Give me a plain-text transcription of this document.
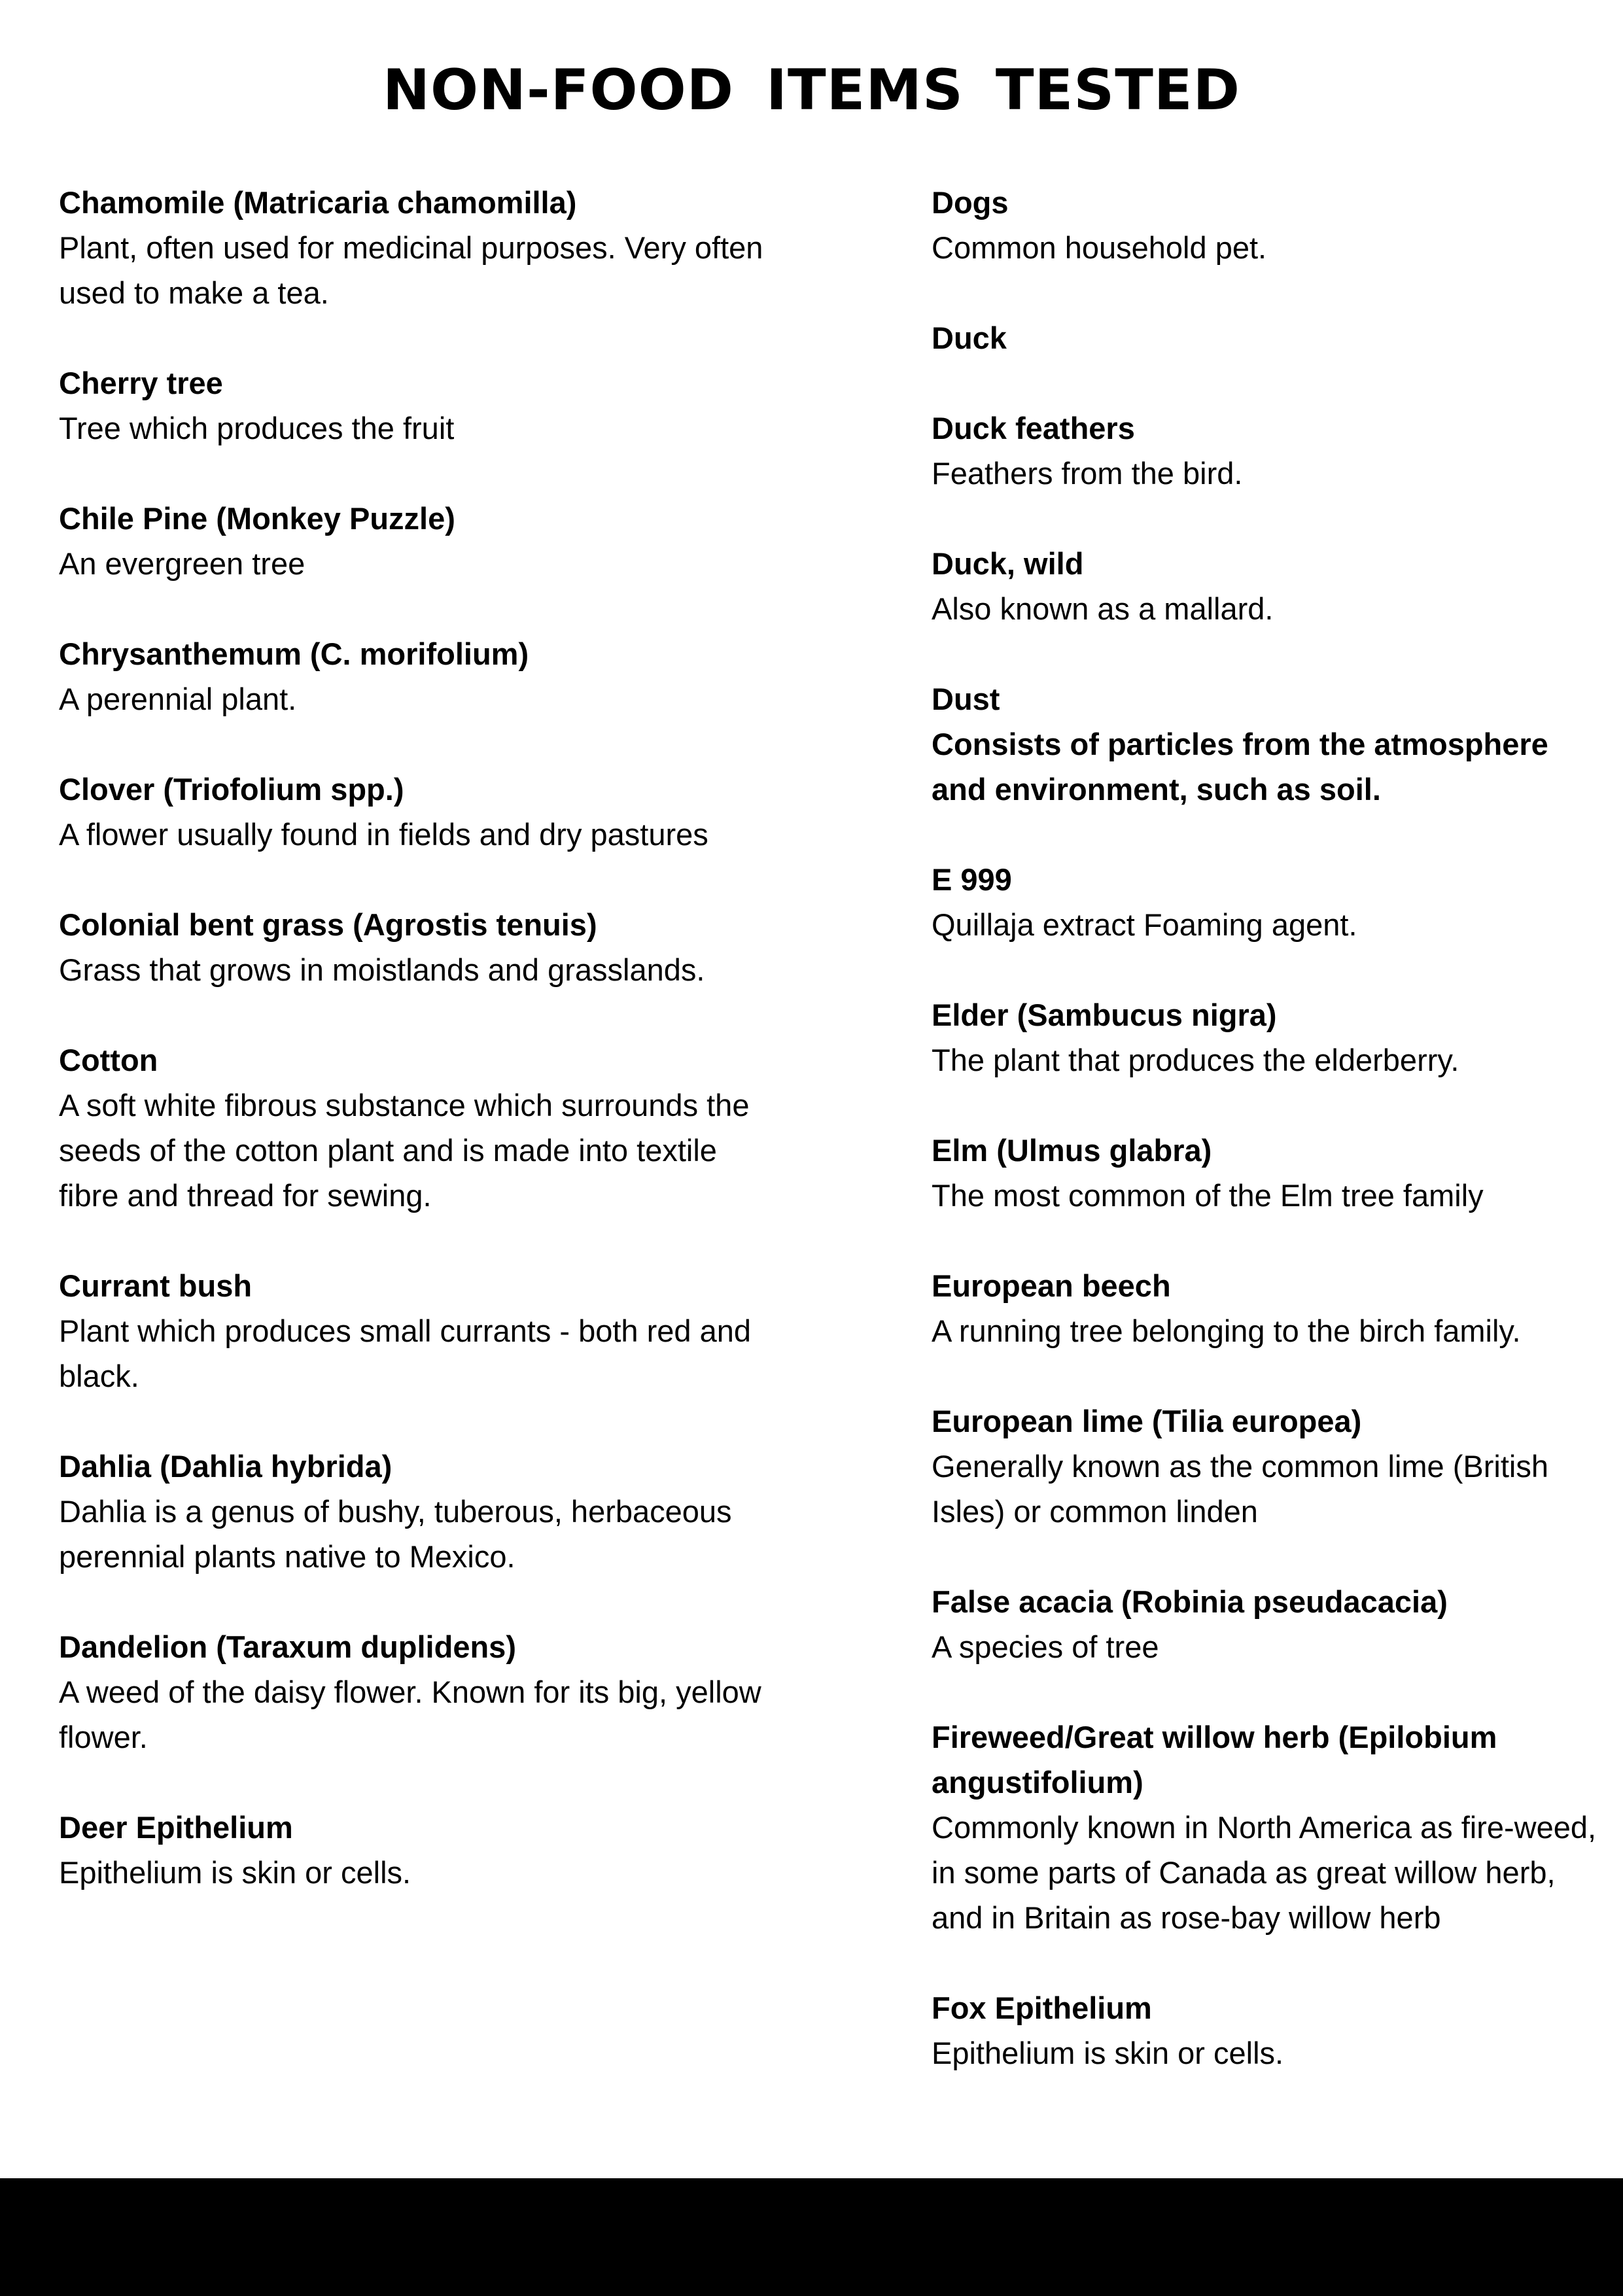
NON-FOOD ITEMS TESTED

Chamomile (Matricaria chamomilla)

Plant, often used for medicinal purposes. Very often used to make a tea.

Cherry tree

Tree which produces the fruit

Chile Pine (Monkey Puzzle)

An evergreen tree

Chrysanthemum (C. morifolium)

A perennial plant.

Clover (Triofolium spp.)

A flower usually found in fields and dry pastures

Colonial bent grass (Agrostis tenuis)

Grass that grows in moistlands and grasslands.

Cotton

A soft white fibrous substance which surrounds the seeds of the cotton plant and is made into textile fibre and thread for sewing.

Currant bush

Plant which produces small currants - both red and black.

Dahlia (Dahlia hybrida)

Dahlia is a genus of bushy, tuberous, herbaceous perennial plants native to Mexico.

Dandelion (Taraxum duplidens)

A weed of the daisy flower. Known for its big, yellow flower.

Deer Epithelium

Epithelium is skin or cells.

Dogs

Common household pet.

Duck

Duck feathers

Feathers from the bird.

Duck, wild

Also known as a mallard.

Dust

Consists of particles from the atmosphere and environment, such as soil.

E 999

Quillaja extract Foaming agent.

Elder (Sambucus nigra)

The plant that produces the elderberry.

Elm (Ulmus glabra)

The most common of the Elm tree family

European beech

A running tree belonging to the birch family.

European lime (Tilia europea)

Generally known as the common lime (British Isles) or common linden

False acacia (Robinia pseudacacia)

A species of tree

Fireweed/Great willow herb (Epilobium angustifolium)

Commonly known in North America as fire-weed, in some parts of Canada as great willow herb, and in Britain as rose-bay willow herb

Fox Epithelium

Epithelium is skin or cells.
